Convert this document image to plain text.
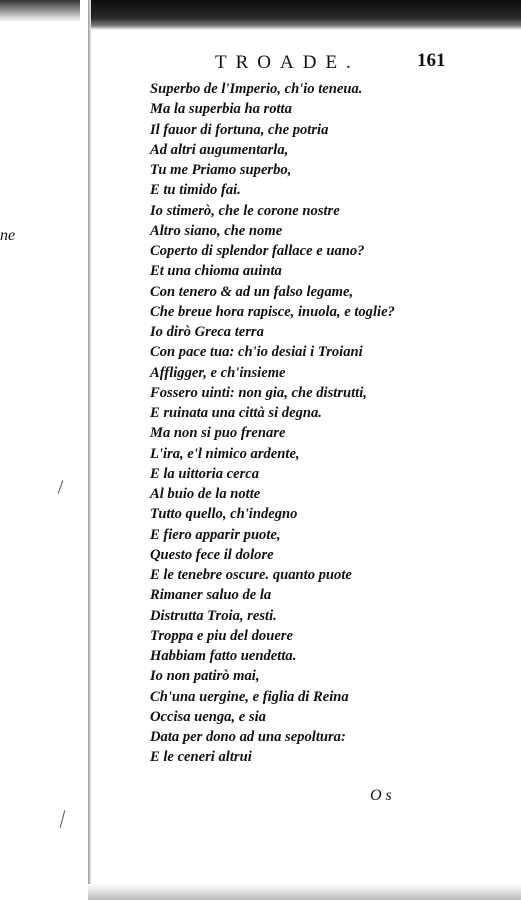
ne
TROADE.	161
Superbo de l'Imperio, ch'io teneua.
Ma la superbia ha rotta
Il fauor di fortuna, che potria
Ad altri augumentarla,
Tu me Priamo superbo,
E tu timido fai.
Io stimerò, che le corone nostre
Altro siano, che nome
Coperto di splendor fallace e uano?
Et una chioma auinta
Con tenero & ad un falso legame,
Che breue hora rapisce, inuola, e toglie?
Io dirò Greca terra
Con pace tua: ch'io desiai i Troiani
Affligger, e ch'insieme
Fossero uinti: non gia, che distrutti,
E ruinata una città si degna.
Ma non si puo frenare
L'ira, e'l nimico ardente,
E la uittoria cerca
Al buio de la notte
Tutto quello, ch'indegno
E fiero apparir puote,
Questo fece il dolore
E le tenebre oscure. quanto puote
Rimaner saluo de la
Distrutta Troia, resti.
Troppa e piu del douere
Habbiam fatto uendetta.
Io non patirò mai,
Ch'una uergine, e figlia di Reina
Occisa uenga, e sia
Data per dono ad una sepoltura:
E le ceneri altrui
O s
